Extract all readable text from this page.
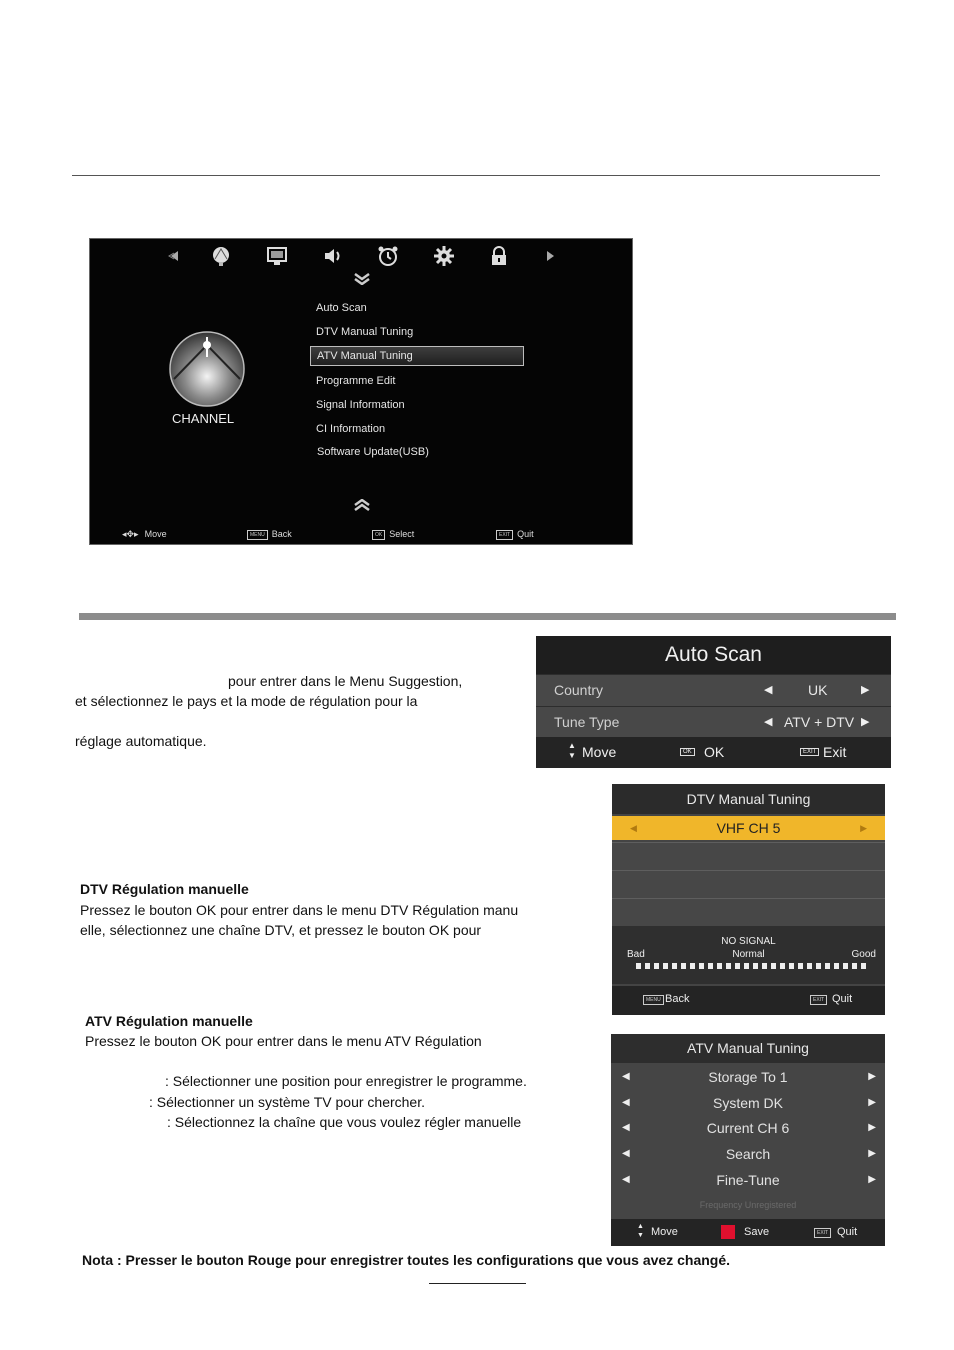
CHANNEL
Auto Scan
DTV Manual Tuning
ATV Manual Tuning
Programme Edit
Signal Information
CI Information
Software Update(USB)
◂✥▸ Move	MENU Back	OK Select	EXIT Quit
pour entrer dans le Menu Suggestion,
et sélectionnez le pays et la mode de régulation pour la
réglage automatique.
Auto Scan
Country	◀	UK	▶
Tune Type	◀ ATV + DTV ▶
▲
▼ Move	OK OK	EXIT Exit
DTV Régulation manuelle
Pressez le bouton OK pour entrer dans le menu DTV Régulation manu
elle, sélectionnez une chaîne DTV, et pressez le bouton OK pour
DTV Manual Tuning
◀	VHF CH 5	▶
NO SIGNAL
Bad	Normal	Good
MENU Back	EXIT Quit
ATV Régulation manuelle
Pressez le bouton OK pour entrer dans le menu ATV Régulation
: Sélectionner une position pour enregistrer le programme.
: Sélectionner un système TV pour chercher.
: Sélectionnez la chaîne que vous voulez régler manuelle
ATV Manual Tuning
◀	Storage To 1	▶
◀	System DK	▶
◀	Current CH 6	▶
◀	Search	▶
◀	Fine-Tune	▶
Frequency Unregistered
▲
▼ Move	Save	EXIT Quit
Nota : Presser le bouton Rouge pour enregistrer toutes les configurations que vous avez changé.
